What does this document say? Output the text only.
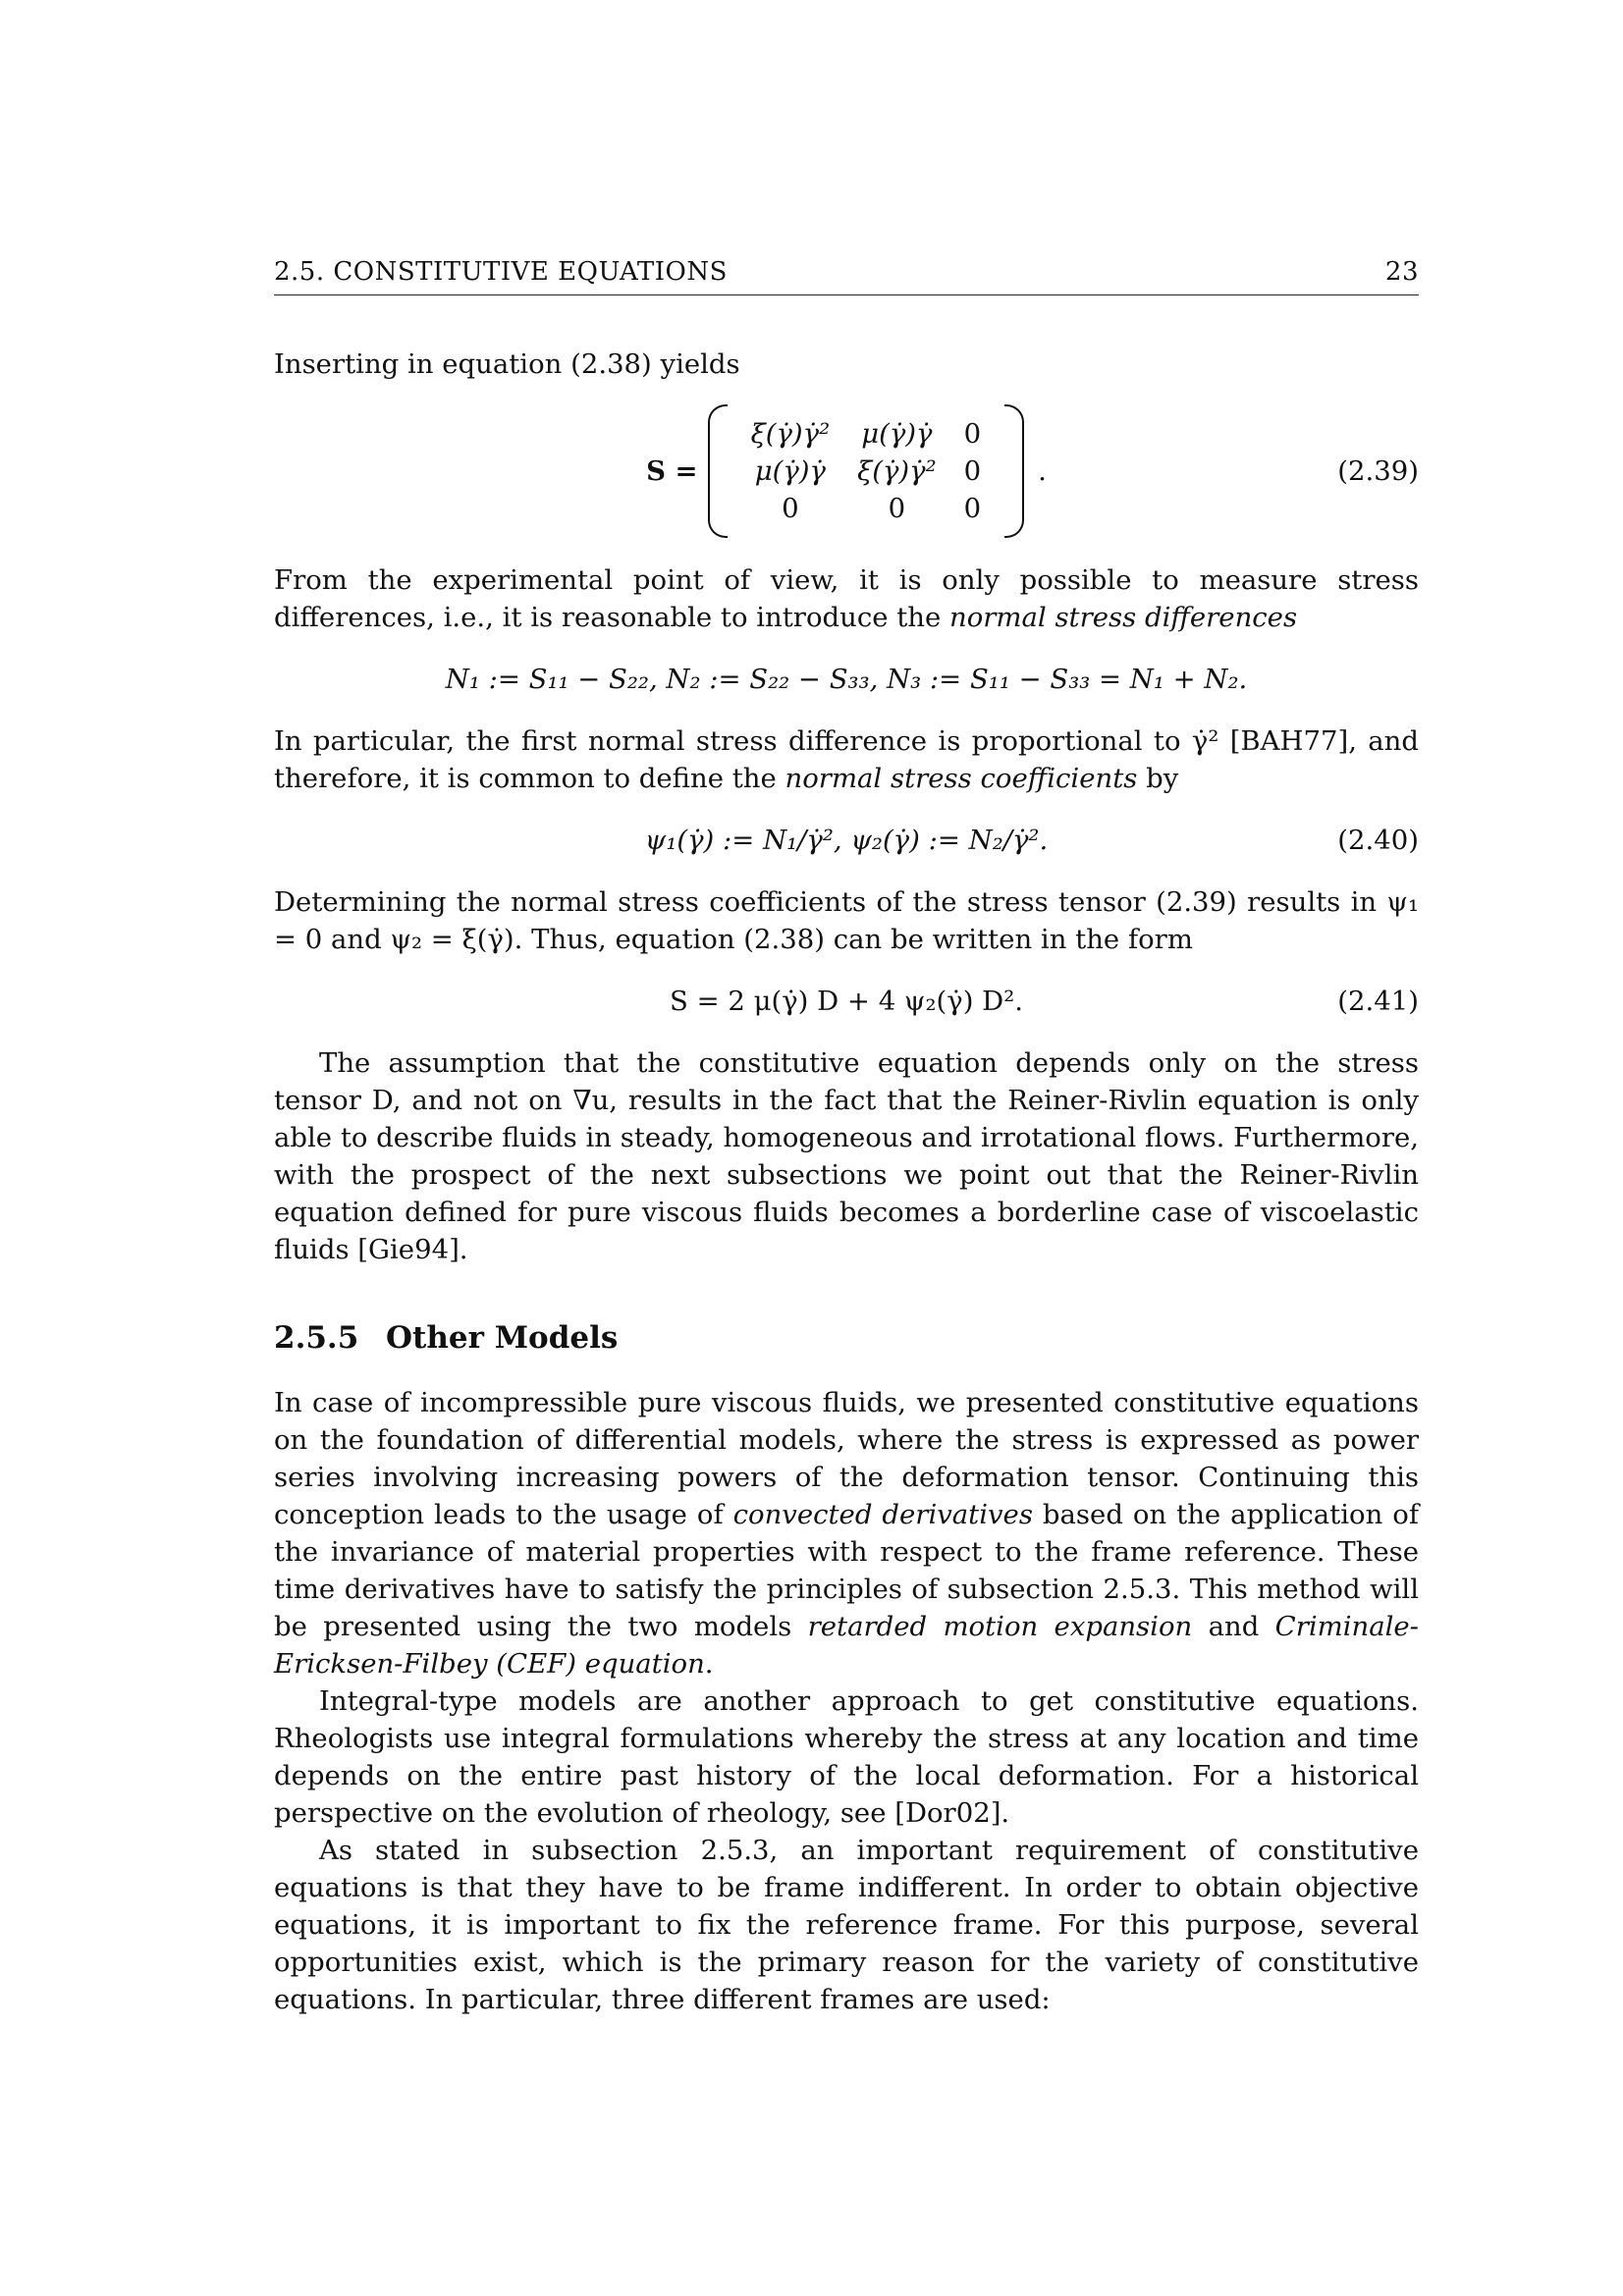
2.5. CONSTITUTIVE EQUATIONS	23

Inserting in equation (2.38) yields

S =
ξ(γ̇)γ̇²	μ(γ̇)γ̇	0
μ(γ̇)γ̇	ξ(γ̇)γ̇²	0
0	0	0
.	(2.39)

From the experimental point of view, it is only possible to measure stress differences, i.e., it is reasonable to introduce the normal stress differences

N₁ := S₁₁ − S₂₂, N₂ := S₂₂ − S₃₃, N₃ := S₁₁ − S₃₃ = N₁ + N₂.

In particular, the first normal stress difference is proportional to γ̇² [BAH77], and therefore, it is common to define the normal stress coefficients by

ψ₁(γ̇) := N₁/γ̇², ψ₂(γ̇) := N₂/γ̇².	(2.40)

Determining the normal stress coefficients of the stress tensor (2.39) results in ψ₁ = 0 and ψ₂ = ξ(γ̇). Thus, equation (2.38) can be written in the form

S = 2 μ(γ̇) D + 4 ψ₂(γ̇) D².	(2.41)

The assumption that the constitutive equation depends only on the stress tensor D, and not on ∇u, results in the fact that the Reiner-Rivlin equation is only able to describe fluids in steady, homogeneous and irrotational flows. Furthermore, with the prospect of the next subsections we point out that the Reiner-Rivlin equation defined for pure viscous fluids becomes a borderline case of viscoelastic fluids [Gie94].

2.5.5 Other Models

In case of incompressible pure viscous fluids, we presented constitutive equations on the foundation of differential models, where the stress is expressed as power series involving increasing powers of the deformation tensor. Continuing this conception leads to the usage of convected derivatives based on the application of the invariance of material properties with respect to the frame reference. These time derivatives have to satisfy the principles of subsection 2.5.3. This method will be presented using the two models retarded motion expansion and Criminale-Ericksen-Filbey (CEF) equation.

Integral-type models are another approach to get constitutive equations. Rheologists use integral formulations whereby the stress at any location and time depends on the entire past history of the local deformation. For a historical perspective on the evolution of rheology, see [Dor02].

As stated in subsection 2.5.3, an important requirement of constitutive equations is that they have to be frame indifferent. In order to obtain objective equations, it is important to fix the reference frame. For this purpose, several opportunities exist, which is the primary reason for the variety of constitutive equations. In particular, three different frames are used:
